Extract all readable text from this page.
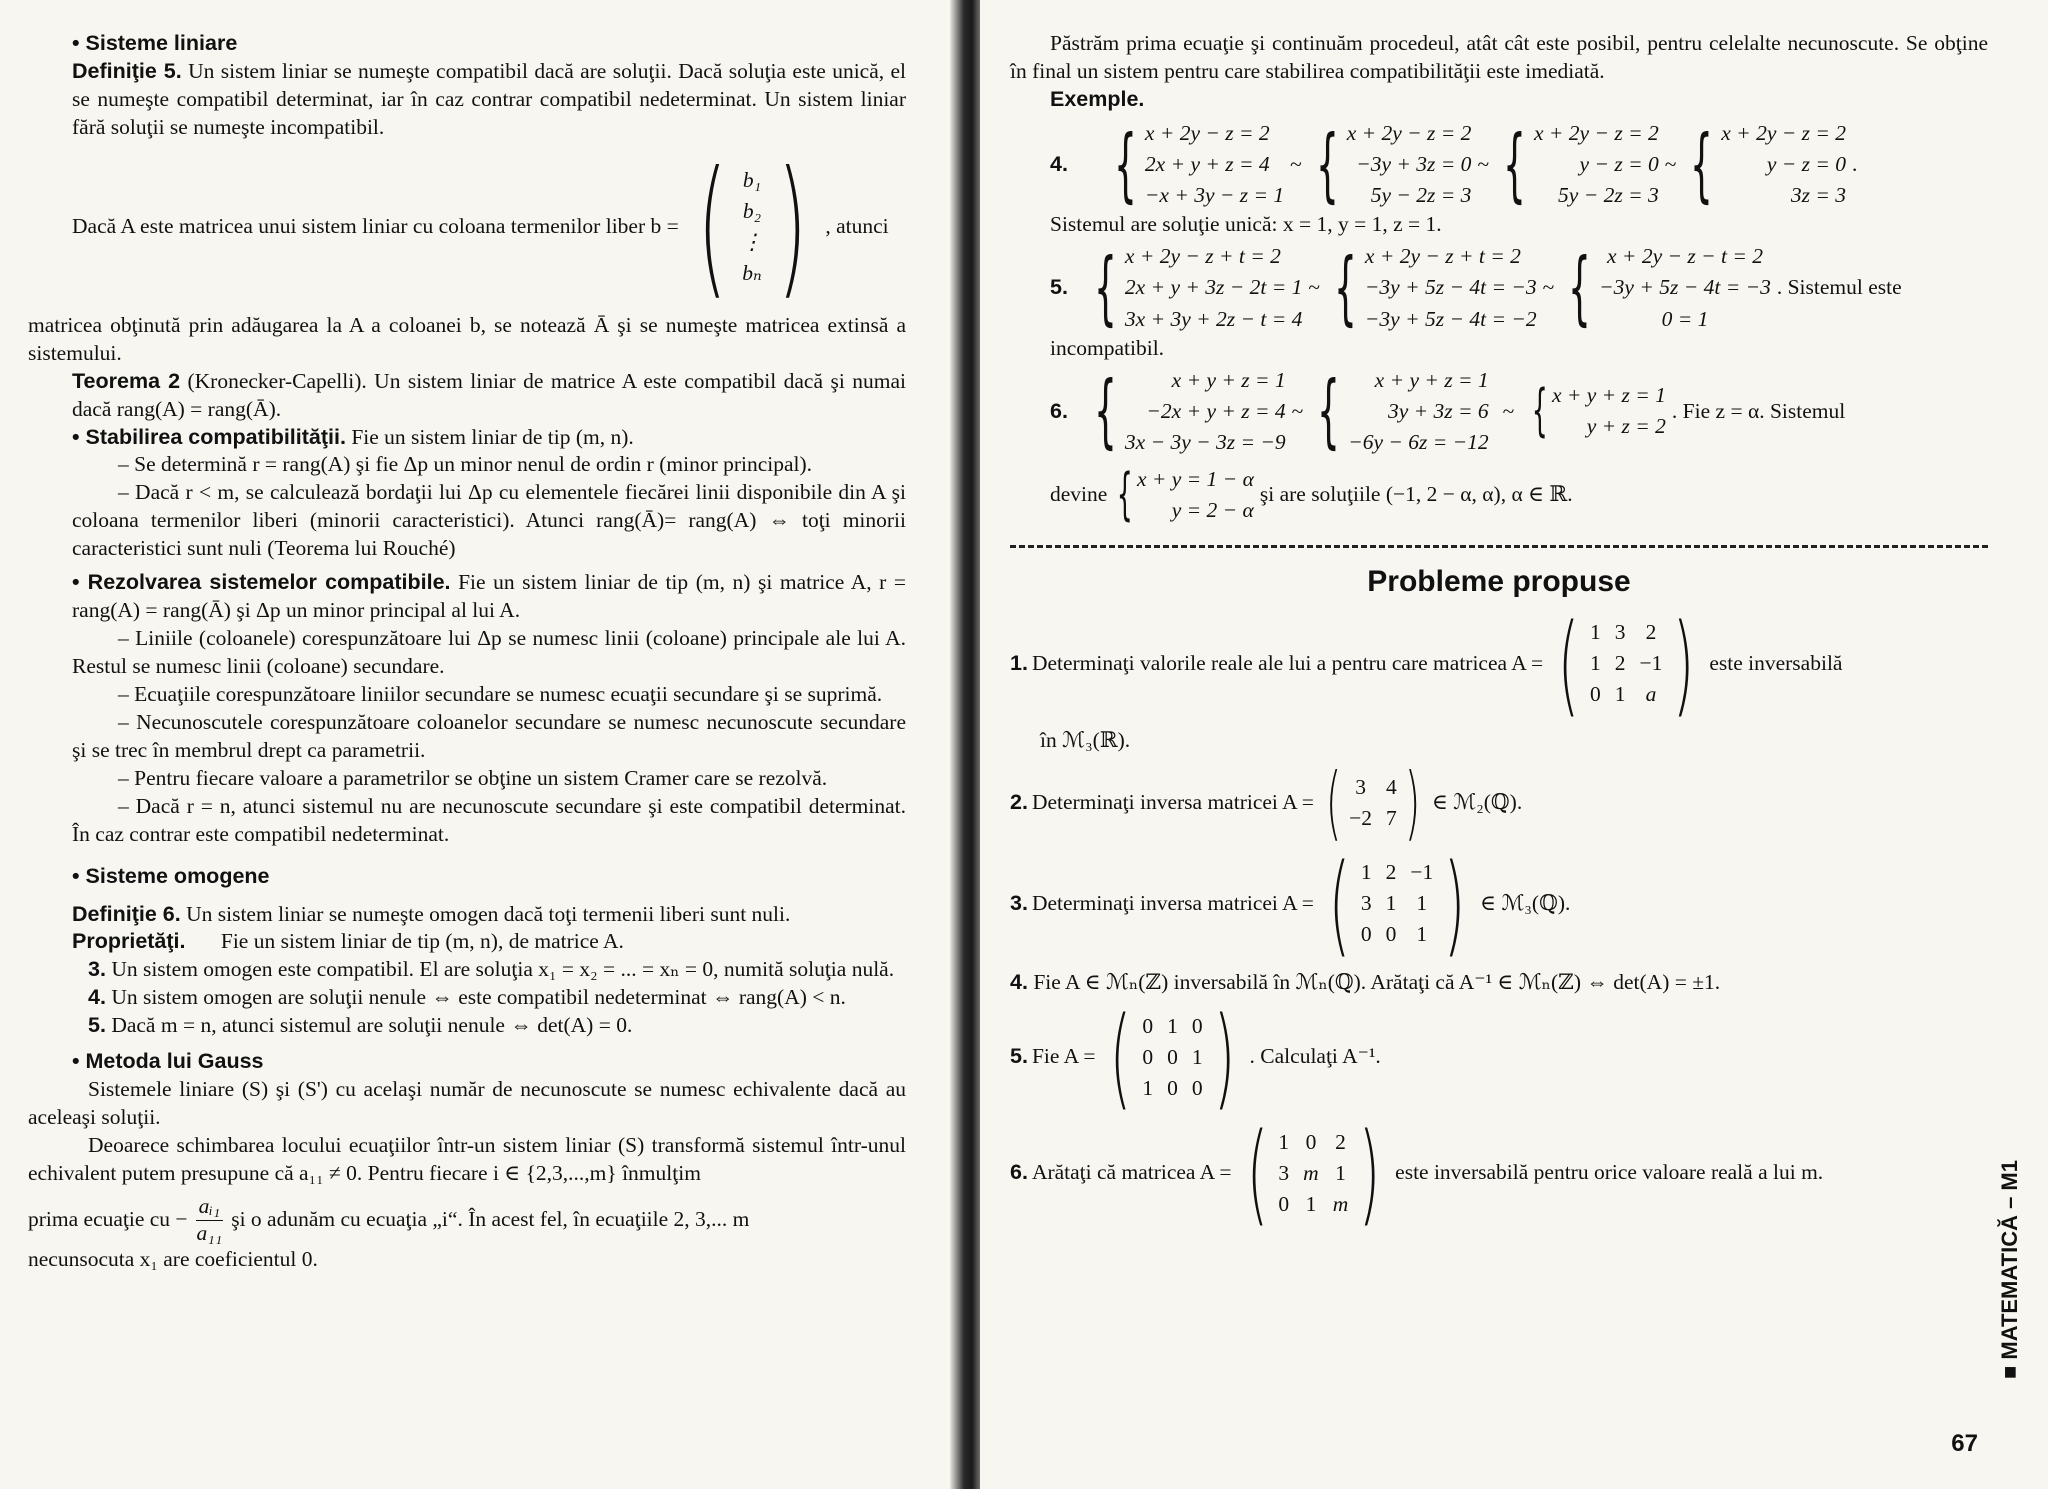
• Sisteme liniare

Definiţie 5. Un sistem liniar se numeşte compatibil dacă are soluţii. Dacă soluţia este unică, el se numeşte compatibil determinat, iar în caz contrar compatibil nedeterminat. Un sistem liniar fără soluţii se numeşte incompatibil.

Dacă A este matricea unui sistem liniar cu coloana termenilor liber b = ( b₁
b₂
⋮
bₙ ) , atunci

matricea obţinută prin adăugarea la A a coloanei b, se notează Ā şi se numeşte matricea extinsă a sistemului.

Teorema 2 (Kronecker-Capelli). Un sistem liniar de matrice A este compatibil dacă şi numai dacă rang(A) = rang(Ā).

• Stabilirea compatibilităţii. Fie un sistem liniar de tip (m, n).

– Se determină r = rang(A) şi fie Δp un minor nenul de ordin r (minor principal).

– Dacă r < m, se calculează bordaţii lui Δp cu elementele fiecărei linii disponibile din A şi coloana termenilor liberi (minorii caracteristici). Atunci rang(Ā)= rang(A) ⇔ toţi minorii caracteristici sunt nuli (Teorema lui Rouché)

• Rezolvarea sistemelor compatibile. Fie un sistem liniar de tip (m, n) şi matrice A, r = rang(A) = rang(Ā) şi Δp un minor principal al lui A.

– Liniile (coloanele) corespunzătoare lui Δp se numesc linii (coloane) principale ale lui A. Restul se numesc linii (coloane) secundare.

– Ecuaţiile corespunzătoare liniilor secundare se numesc ecuaţii secundare şi se suprimă.

– Necunoscutele corespunzătoare coloanelor secundare se numesc necunoscute secundare şi se trec în membrul drept ca parametrii.

– Pentru fiecare valoare a parametrilor se obţine un sistem Cramer care se rezolvă.

– Dacă r = n, atunci sistemul nu are necunoscute secundare şi este compatibil determinat. În caz contrar este compatibil nedeterminat.

• Sisteme omogene

Definiţie 6. Un sistem liniar se numeşte omogen dacă toţi termenii liberi sunt nuli.

Proprietăţi. Fie un sistem liniar de tip (m, n), de matrice A.

3. Un sistem omogen este compatibil. El are soluţia x₁ = x₂ = ... = xₙ = 0, numită soluţia nulă.

4. Un sistem omogen are soluţii nenule ⇔ este compatibil nedeterminat ⇔ rang(A) < n.

5. Dacă m = n, atunci sistemul are soluţii nenule ⇔ det(A) = 0.

• Metoda lui Gauss

Sistemele liniare (S) şi (S') cu acelaşi număr de necunoscute se numesc echivalente dacă au aceleaşi soluţii.

Deoarece schimbarea locului ecuaţiilor într-un sistem liniar (S) transformă sistemul într-unul echivalent putem presupune că a₁₁ ≠ 0. Pentru fiecare i ∈ {2,3,...,m} înmulţim

prima ecuaţie cu − $\frac{\text{aᵢ₁}}{\text{a₁₁}}$ şi o adunăm cu ecuaţia „i“. În acest fel, în ecuaţiile 2, 3,... m

necunsocuta x₁ are coeficientul 0.

Păstrăm prima ecuaţie şi continuăm procedeul, atât cât este posibil, pentru celelalte necunoscute. Se obţine în final un sistem pentru care stabilirea compatibilităţii este imediată.

Exemple.

4. { x + 2y − z = 2
2x + y + z = 4
−x + 3y − z = 1
~ { x + 2y − z = 2
−3y + 3z = 0
5y − 2z = 3
~ { x + 2y − z = 2
y − z = 0
5y − 2z = 3
~ { x + 2y − z = 2
y − z = 0
3z = 3
.

Sistemul are soluţie unică: x = 1, y = 1, z = 1.

5. { x + 2y − z + t = 2
2x + y + 3z − 2t = 1
3x + 3y + 2z − t = 4
~ { x + 2y − z + t = 2
−3y + 5z − 4t = −3
−3y + 5z − 4t = −2
~ { x + 2y − z − t = 2
−3y + 5z − 4t = −3
0 = 1
. Sistemul este

incompatibil.

6. {	x + y + z = 1
−2x + y + z = 4
3x − 3y − 3z = −9
~ {	x + y + z = 1
3y + 3z = 6
−6y − 6z = −12
~ { x + y + z = 1
y + z = 2
. Fie z = α. Sistemul
devine { x + y = 1 − α
y = 2 − α
şi are soluţiile (−1, 2 − α, α), α ∈ ℝ.

Probleme propuse

1. Determinaţi valorile reale ale lui a pentru care matricea A = ( 1 3 2
1 2 −1
0 1 a ) este inversabilă

în ℳ₃(ℝ).

2. Determinaţi inversa matricei A = ( 3 4
−2 7 ) ∈ ℳ₂(ℚ).
3. Determinaţi inversa matricei A = ( 1 2 −1
3 1 1
0 0 1 ) ∈ ℳ₃(ℚ).

4. Fie A ∈ ℳₙ(ℤ) inversabilă în ℳₙ(ℚ). Arătaţi că A⁻¹ ∈ ℳₙ(ℤ) ⇔ det(A) = ±1.

5. Fie A = ( 0 1 0
0 0 1
1 0 0 ) . Calculaţi A⁻¹.
6. Arătaţi că matricea A = ( 1 0 2
3 m 1
0 1 m ) este inversabilă pentru orice valoare reală a lui m.	■ MATEMATICĂ – M1
67
